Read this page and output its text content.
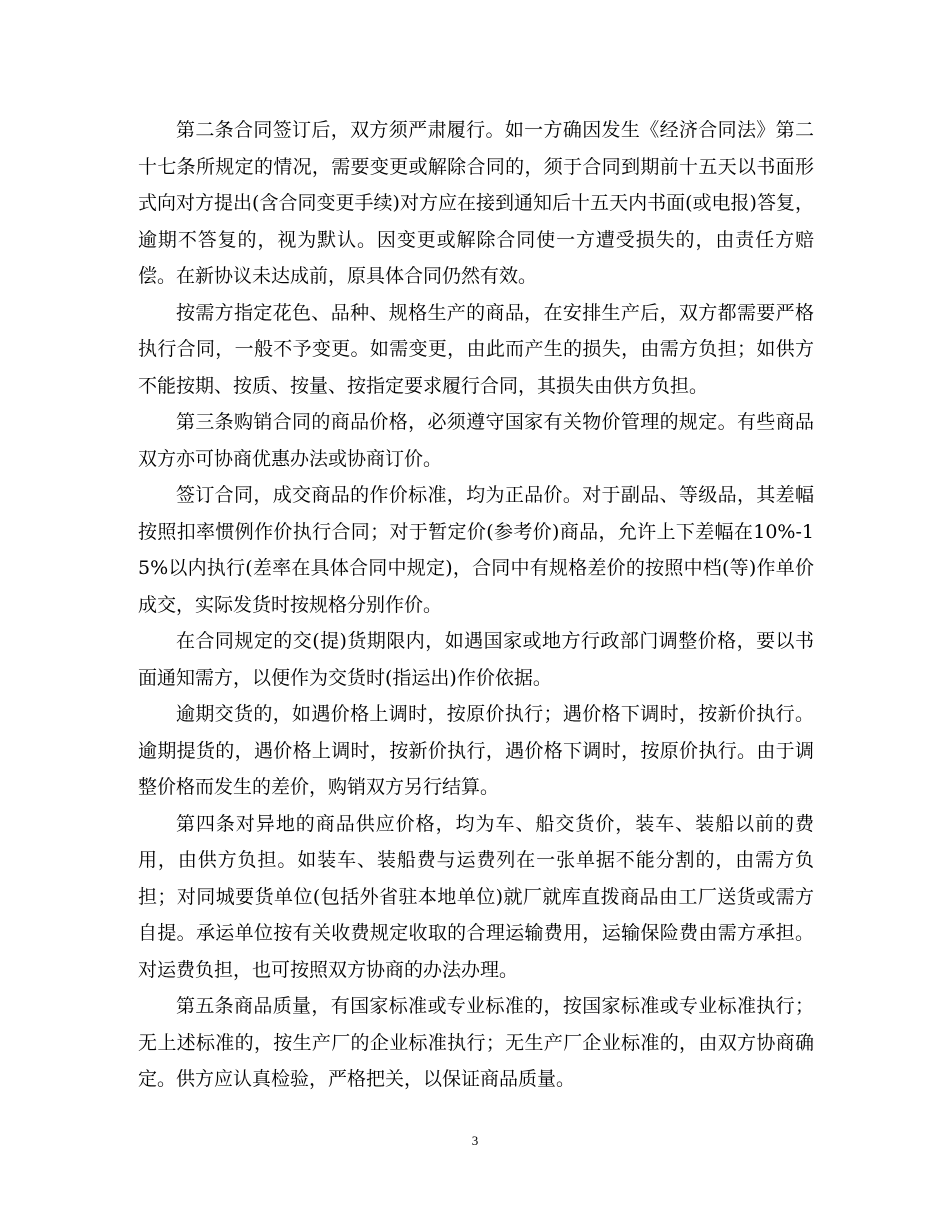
第二条合同签订后，双方须严肃履行。如一方确因发生《经济合同法》第二十七条所规定的情况，需要变更或解除合同的，须于合同到期前十五天以书面形式向对方提出(含合同变更手续)对方应在接到通知后十五天内书面(或电报)答复，逾期不答复的，视为默认。因变更或解除合同使一方遭受损失的，由责任方赔偿。在新协议未达成前，原具体合同仍然有效。

按需方指定花色、品种、规格生产的商品，在安排生产后，双方都需要严格执行合同，一般不予变更。如需变更，由此而产生的损失，由需方负担；如供方不能按期、按质、按量、按指定要求履行合同，其损失由供方负担。

第三条购销合同的商品价格，必须遵守国家有关物价管理的规定。有些商品双方亦可协商优惠办法或协商订价。

签订合同，成交商品的作价标准，均为正品价。对于副品、等级品，其差幅按照扣率惯例作价执行合同；对于暂定价(参考价)商品，允许上下差幅在10%-15%以内执行(差率在具体合同中规定)，合同中有规格差价的按照中档(等)作单价成交，实际发货时按规格分别作价。

在合同规定的交(提)货期限内，如遇国家或地方行政部门调整价格，要以书面通知需方，以便作为交货时(指运出)作价依据。

逾期交货的，如遇价格上调时，按原价执行；遇价格下调时，按新价执行。逾期提货的，遇价格上调时，按新价执行，遇价格下调时，按原价执行。由于调整价格而发生的差价，购销双方另行结算。

第四条对异地的商品供应价格，均为车、船交货价，装车、装船以前的费用，由供方负担。如装车、装船费与运费列在一张单据不能分割的，由需方负担；对同城要货单位(包括外省驻本地单位)就厂就库直拨商品由工厂送货或需方自提。承运单位按有关收费规定收取的合理运输费用，运输保险费由需方承担。对运费负担，也可按照双方协商的办法办理。

第五条商品质量，有国家标准或专业标准的，按国家标准或专业标准执行；无上述标准的，按生产厂的企业标准执行；无生产厂企业标准的，由双方协商确定。供方应认真检验，严格把关，以保证商品质量。

3
